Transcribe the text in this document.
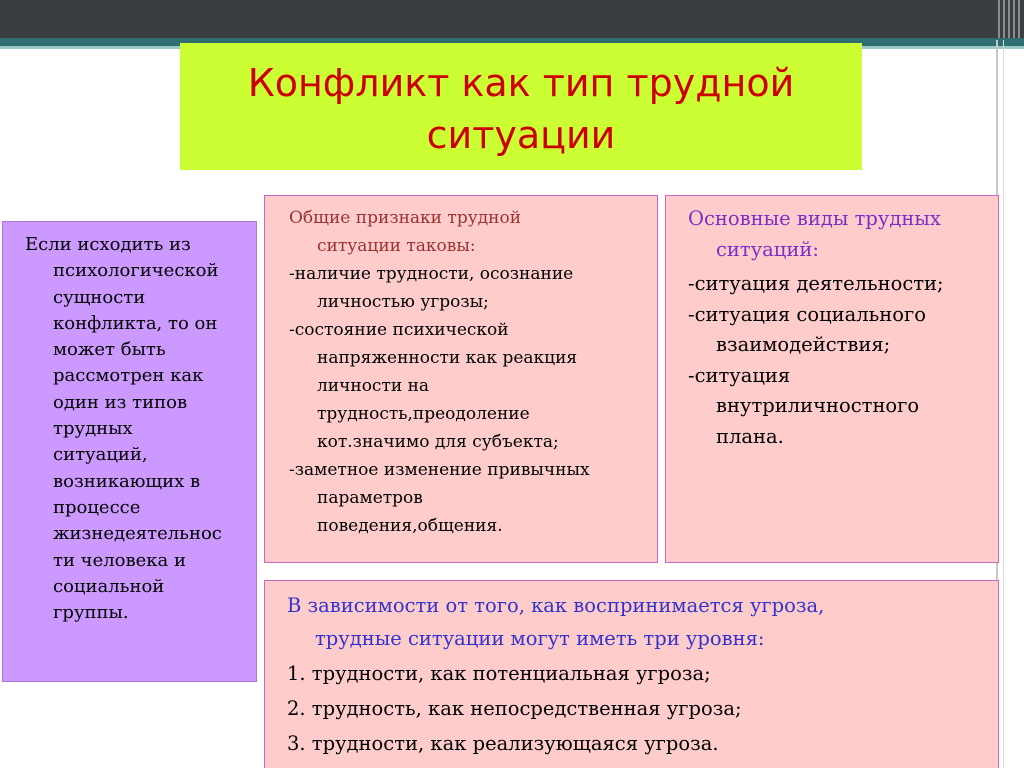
Конфликт как тип трудной
ситуации
Если исходить из
психологической
сущности
конфликта, то он
может быть
рассмотрен как
один из типов
трудных
ситуаций,
возникающих в
процессе
жизнедеятельнос
ти человека и
социальной
группы.
Общие признаки трудной
ситуации таковы:
-наличие трудности, осознание
личностью угрозы;
-состояние психической
напряженности как реакция
личности на
трудность,преодоление
кот.значимо для субъекта;
-заметное изменение привычных
параметров
поведения,общения.
Основные виды трудных
ситуаций:
-ситуация деятельности;
-ситуация социального
взаимодействия;
-ситуация
внутриличностного
плана.
В зависимости от того, как воспринимается угроза,
трудные ситуации могут иметь три уровня:
1. трудности, как потенциальная угроза;
2. трудность, как непосредственная угроза;
3. трудности, как реализующаяся угроза.
